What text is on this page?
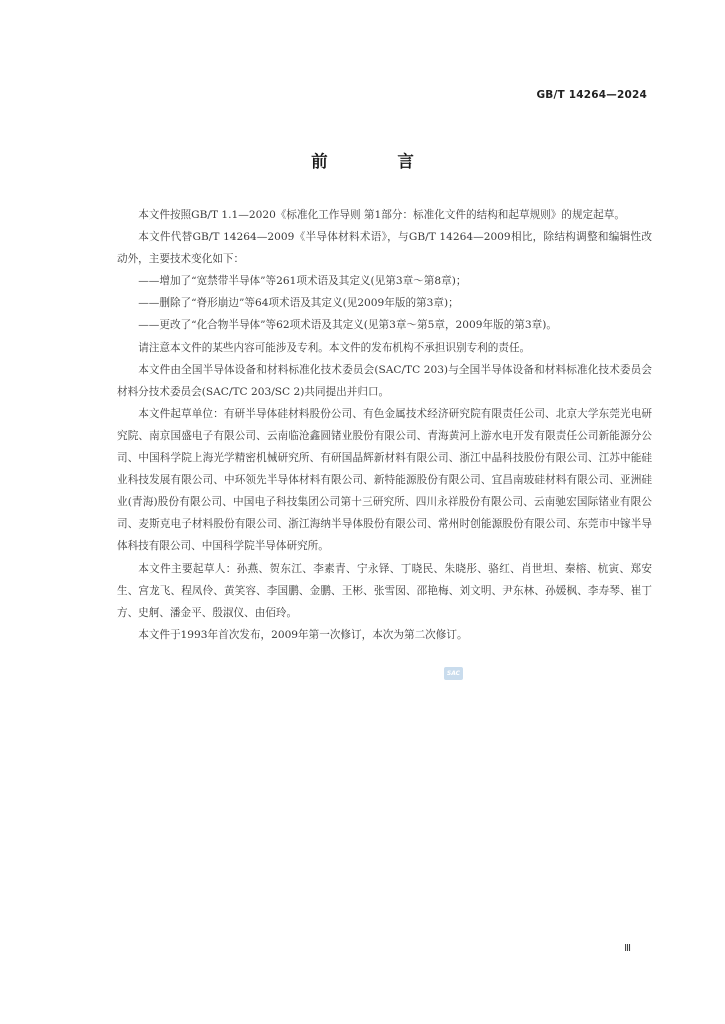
GB/T 14264—2024
前 言

本文件按照GB/T 1.1—2020《标准化工作导则 第1部分：标准化文件的结构和起草规则》的规定起草。

本文件代替GB/T 14264—2009《半导体材料术语》，与GB/T 14264—2009相比，除结构调整和编辑性改动外，主要技术变化如下：

——增加了“宽禁带半导体”等261项术语及其定义(见第3章～第8章)；

——删除了“脊形崩边”等64项术语及其定义(见2009年版的第3章)；

——更改了“化合物半导体”等62项术语及其定义(见第3章～第5章，2009年版的第3章)。

请注意本文件的某些内容可能涉及专利。本文件的发布机构不承担识别专利的责任。

本文件由全国半导体设备和材料标准化技术委员会(SAC/TC 203)与全国半导体设备和材料标准化技术委员会材料分技术委员会(SAC/TC 203/SC 2)共同提出并归口。

本文件起草单位：有研半导体硅材料股份公司、有色金属技术经济研究院有限责任公司、北京大学东莞光电研究院、南京国盛电子有限公司、云南临沧鑫圆锗业股份有限公司、青海黄河上游水电开发有限责任公司新能源分公司、中国科学院上海光学精密机械研究所、有研国晶辉新材料有限公司、浙江中晶科技股份有限公司、江苏中能硅业科技发展有限公司、中环领先半导体材料有限公司、新特能源股份有限公司、宜昌南玻硅材料有限公司、亚洲硅业(青海)股份有限公司、中国电子科技集团公司第十三研究所、四川永祥股份有限公司、云南驰宏国际锗业有限公司、麦斯克电子材料股份有限公司、浙江海纳半导体股份有限公司、常州时创能源股份有限公司、东莞市中镓半导体科技有限公司、中国科学院半导体研究所。

本文件主要起草人：孙燕、贺东江、李素青、宁永铎、丁晓民、朱晓彤、骆红、肖世坦、秦榕、杭寅、郑安生、宫龙飞、程凤伶、黄笑容、李国鹏、金鹏、王彬、张雪囡、邵艳梅、刘文明、尹东林、孙媛枫、李寿琴、崔丁方、史舸、潘金平、殷淑仪、由佰玲。

本文件于1993年首次发布，2009年第一次修订，本次为第二次修订。

SAC
Ⅲ
